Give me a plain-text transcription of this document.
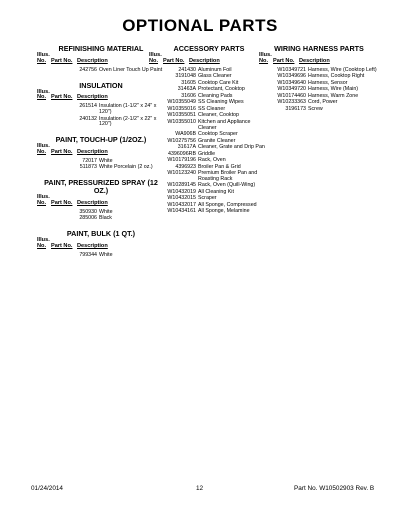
OPTIONAL PARTS
REFINISHING MATERIAL
Illus.
No. Part No. Description
242756 Oven Liner Touch Up Paint
INSULATION
Illus.
No. Part No. Description
261514 Insulation (1-1/2" x 24" x 120")
240132 Insulation (2-1/2" x 22" x 120")
PAINT, TOUCH-UP (1/2OZ.)
Illus.
No. Part No. Description
72017 White
511873 White Porcelain (2 oz.)
PAINT, PRESSURIZED SPRAY (12 OZ.)
Illus.
No. Part No. Description
350930 White
285006 Black
PAINT, BULK (1 QT.)
Illus.
No. Part No. Description
799344 White
ACCESSORY PARTS
Illus.
No. Part No. Description
241430 Aluminum Foil
3191048 Glass Cleaner
31605 Cooktop Care Kit
31463A Protectant, Cooktop
31606 Cleaning Pads
W10355049 SS Cleaning Wipes
W10355016 SS Cleaner
W10355051 Cleaner, Cooktop
W10355010 Kitchen and Appliance Cleaner
WA906B Cooktop Scraper
W10275756 Granite Cleaner
31617A Cleaner, Grate and Drip Pan
4396096RB Griddle
W10179196 Rack, Oven
4396923 Broiler Pan & Grid
W10123240 Premium Broiler Pan and Roasting Rack
W10289145 Rack, Oven (Quill-Wing)
W10432019 All Cleaning Kit
W10432015 Scraper
W10432017 All Sponge, Compressed
W10434161 All Sponge, Melamine
WIRING HARNESS PARTS
Illus.
No. Part No. Description
W10349721 Harness, Wire (Cooktop Left)
W10349696 Harness, Cooktop Right
W10349640 Harness, Sensor
W10349720 Harness, Wire (Main)
W10174460 Harness, Warm Zone
W10233363 Cord, Power
3196173 Screw
01/24/2014	12	Part No. W10502903 Rev. B
